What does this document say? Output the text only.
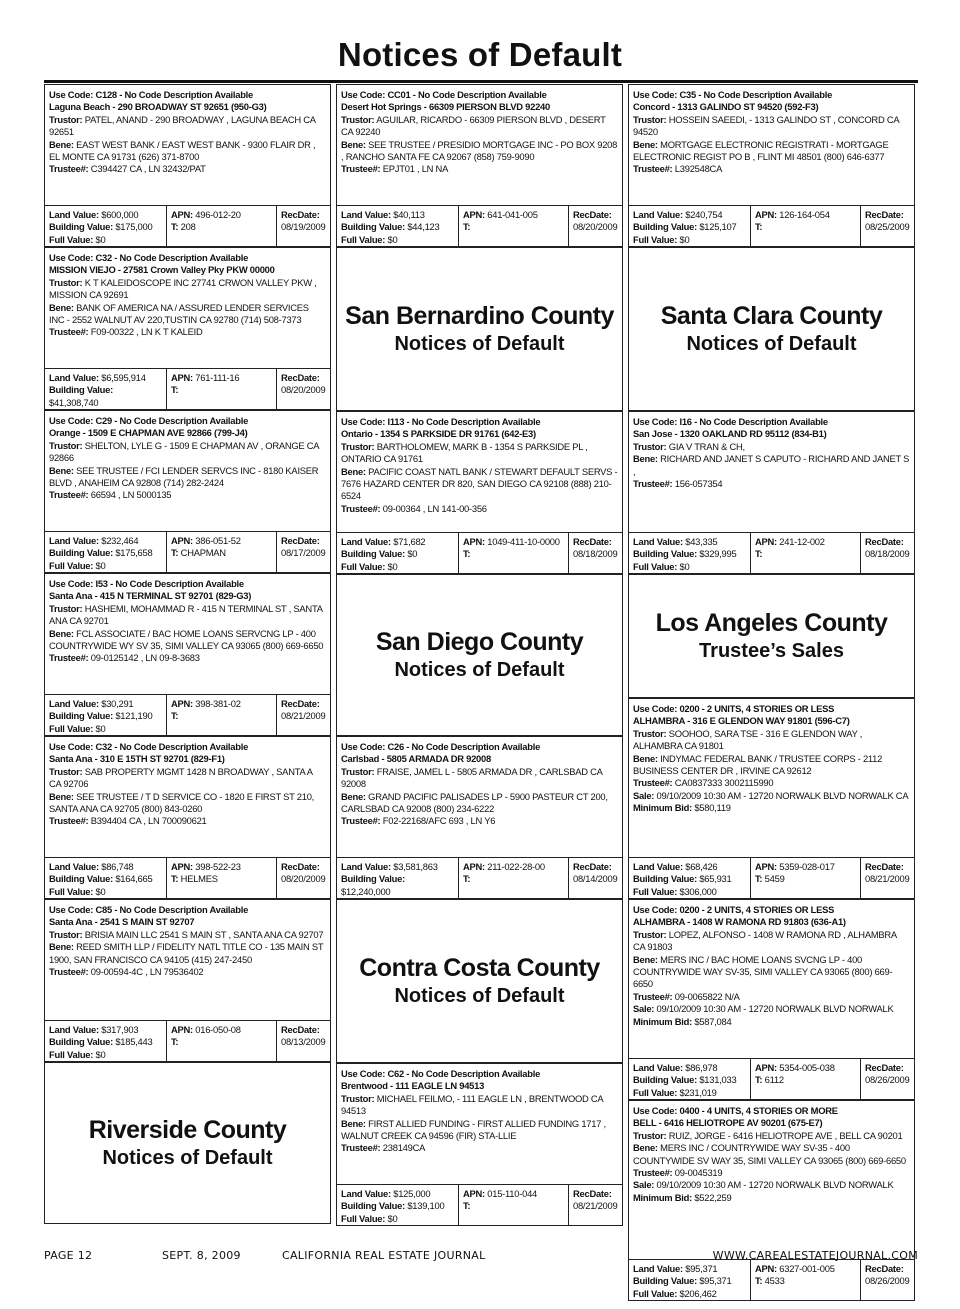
Notices of Default
Use Code: C128 - No Code Description Available
Laguna Beach - 290 BROADWAY ST 92651 (950-G3)
Trustor: PATEL, ANAND - 290 BROADWAY , LAGUNA BEACH CA 92651
Bene: EAST WEST BANK / EAST WEST BANK - 9300 FLAIR DR , EL MONTE CA 91731 (626) 371-8700
Trustee#: C394427 CA , LN 32432/PAT
Land Value: $600,000
Building Value: $175,000
Full Value: $0
APN: 496-012-20
T: 208
RecDate:
08/19/2009
Use Code: C32 - No Code Description Available
MISSION VIEJO - 27581 Crown Valley Pky PKW 00000
Trustor: K T KALEIDOSCOPE INC 27741 CRWON VALLEY PKW , MISSION CA 92691
Bene: BANK OF AMERICA NA / ASSURED LENDER SERVICES INC - 2552 WALNUT AV 220,TUSTIN CA 92780 (714) 508-7373
Trustee#: F09-00322 , LN K T KALEID
Land Value: $6,595,914
Building Value: $41,308,740
APN: 761-111-16
T:
RecDate:
08/20/2009
Use Code: C29 - No Code Description Available
Orange - 1509 E CHAPMAN AVE 92866 (799-J4)
Trustor: SHELTON, LYLE G - 1509 E CHAPMAN AV , ORANGE CA 92866
Bene: SEE TRUSTEE / FCI LENDER SERVCS INC - 8180 KAISER BLVD , ANAHEIM CA 92808 (714) 282-2424
Trustee#: 66594 , LN 5000135
Land Value: $232,464
Building Value: $175,658
Full Value: $0
APN: 386-051-52
T: CHAPMAN
RecDate:
08/17/2009
Use Code: I53 - No Code Description Available
Santa Ana - 415 N TERMINAL ST 92701 (829-G3)
Trustor: HASHEMI, MOHAMMAD R - 415 N TERMINAL ST , SANTA ANA CA 92701
Bene: FCL ASSOCIATE / BAC HOME LOANS SERVCNG LP - 400 COUNTRYWIDE WY SV 35, SIMI VALLEY CA 93065 (800) 669-6650
Trustee#: 09-0125142 , LN 09-8-3683
Land Value: $30,291
Building Value: $121,190
Full Value: $0
APN: 398-381-02
T:
RecDate:
08/21/2009
Use Code: C32 - No Code Description Available
Santa Ana - 310 E 15TH ST 92701 (829-F1)
Trustor: SAB PROPERTY MGMT 1428 N BROADWAY , SANTA A CA 92706
Bene: SEE TRUSTEE / T D SERVICE CO - 1820 E FIRST ST 210, SANTA ANA CA 92705 (800) 843-0260
Trustee#: B394404 CA , LN 700090621
Land Value: $86,748
Building Value: $164,665
Full Value: $0
APN: 398-522-23
T: HELMES
RecDate:
08/20/2009
Use Code: C85 - No Code Description Available
Santa Ana - 2541 S MAIN ST 92707
Trustor: BRISIA MAIN LLC 2541 S MAIN ST , SANTA ANA CA 92707
Bene: REED SMITH LLP / FIDELITY NATL TITLE CO - 135 MAIN ST 1900, SAN FRANCISCO CA 94105 (415) 247-2450
Trustee#: 09-00594-4C , LN 79536402
Land Value: $317,903
Building Value: $185,443
Full Value: $0
APN: 016-050-08
T:
RecDate:
08/13/2009
Riverside County
Notices of Default
Use Code: CC01 - No Code Description Available
Desert Hot Springs - 66309 PIERSON BLVD 92240
Trustor: AGUILAR, RICARDO - 66309 PIERSON BLVD , DESERT CA 92240
Bene: SEE TRUSTEE / PRESIDIO MORTGAGE INC - PO BOX 9208 , RANCHO SANTA FE CA 92067 (858) 759-9090
Trustee#: EPJT01 , LN NA
Land Value: $40,113
Building Value: $44,123
Full Value: $0
APN: 641-041-005
T:
RecDate:
08/20/2009
San Bernardino County
Notices of Default
Use Code: I113 - No Code Description Available
Ontario - 1354 S PARKSIDE DR 91761 (642-E3)
Trustor: BARTHOLOMEW, MARK B - 1354 S PARKSIDE PL , ONTARIO CA 91761
Bene: PACIFIC COAST NATL BANK / STEWART DEFAULT SERVS - 7676 HAZARD CENTER DR 820, SAN DIEGO CA 92108 (888) 210-6524
Trustee#: 09-00364 , LN 141-00-356
Land Value: $71,682
Building Value: $0
Full Value: $0
APN: 1049-411-10-0000
T:
RecDate:
08/18/2009
San Diego County
Notices of Default
Use Code: C26 - No Code Description Available
Carlsbad - 5805 ARMADA DR 92008
Trustor: FRAISE, JAMEL L - 5805 ARMADA DR , CARLSBAD CA 92008
Bene: GRAND PACIFIC PALISADES LP - 5900 PASTEUR CT 200, CARLSBAD CA 92008 (800) 234-6222
Trustee#: F02-22168/AFC 693 , LN Y6
Land Value: $3,581,863
Building Value: $12,240,000
APN: 211-022-28-00
T:
RecDate:
08/14/2009
Contra Costa County
Notices of Default
Use Code: C62 - No Code Description Available
Brentwood - 111 EAGLE LN 94513
Trustor: MICHAEL FEILMO, - 111 EAGLE LN , BRENTWOOD CA 94513
Bene: FIRST ALLIED FUNDING - FIRST ALLIED FUNDING 1717 , WALNUT CREEK CA 94596 (FIR) STA-LLIE
Trustee#: 238149CA
Land Value: $125,000
Building Value: $139,100
Full Value: $0
APN: 015-110-044
T:
RecDate:
08/21/2009
Use Code: C35 - No Code Description Available
Concord - 1313 GALINDO ST 94520 (592-F3)
Trustor: HOSSEIN SAEEDI, - 1313 GALINDO ST , CONCORD CA 94520
Bene: MORTGAGE ELECTRONIC REGISTRATI - MORTGAGE ELECTRONIC REGIST PO B , FLINT MI 48501 (800) 646-6377
Trustee#: L392548CA
Land Value: $240,754
Building Value: $125,107
Full Value: $0
APN: 126-164-054
T:
RecDate:
08/25/2009
Santa Clara County
Notices of Default
Use Code: I16 - No Code Description Available
San Jose - 1320 OAKLAND RD 95112 (834-B1)
Trustor: GIA V TRAN & CH,
Bene: RICHARD AND JANET S CAPUTO - RICHARD AND JANET S ,
Trustee#: 156-057354
Land Value: $43,335
Building Value: $329,995
Full Value: $0
APN: 241-12-002
T:
RecDate:
08/18/2009
Los Angeles County
Trustee’s Sales
Use Code: 0200 - 2 UNITS, 4 STORIES OR LESS
ALHAMBRA - 316 E GLENDON WAY 91801 (596-C7)
Trustor: SOOHOO, SARA TSE - 316 E GLENDON WAY , ALHAMBRA CA 91801
Bene: INDYMAC FEDERAL BANK / TRUSTEE CORPS - 2112 BUSINESS CENTER DR , IRVINE CA 92612
Trustee#: CA0837333 3002115990
Sale: 09/10/2009 10:30 AM - 12720 NORWALK BLVD NORWALK CA
Minimum Bid: $580,119
Land Value: $68,426
Building Value: $65,931
Full Value: $306,000
APN: 5359-028-017
T: 5459
RecDate:
08/21/2009
Use Code: 0200 - 2 UNITS, 4 STORIES OR LESS
ALHAMBRA - 1408 W RAMONA RD 91803 (636-A1)
Trustor: LOPEZ, ALFONSO - 1408 W RAMONA RD , ALHAMBRA CA 91803
Bene: MERS INC / BAC HOME LOANS SVCNG LP - 400 COUNTRYWIDE WAY SV-35, SIMI VALLEY CA 93065 (800) 669-6650
Trustee#: 09-0065822 N/A
Sale: 09/10/2009 10:30 AM - 12720 NORWALK BLVD NORWALK
Minimum Bid: $587,084
Land Value: $86,978
Building Value: $131,033
Full Value: $231,019
APN: 5354-005-038
T: 6112
RecDate:
08/26/2009
Use Code: 0400 - 4 UNITS, 4 STORIES OR MORE
BELL - 6416 HELIOTROPE AV 90201 (675-E7)
Trustor: RUIZ, JORGE - 6416 HELIOTROPE AVE , BELL CA 90201
Bene: MERS INC / COUNTRYWIDE WAY SV-35 - 400 COUNTYWIDE SV WAY 35, SIMI VALLEY CA 93065 (800) 669-6650
Trustee#: 09-0045319
Sale: 09/10/2009 10:30 AM - 12720 NORWALK BLVD NORWALK
Minimum Bid: $522,259
Land Value: $95,371
Building Value: $95,371
Full Value: $206,462
APN: 6327-001-005
T: 4533
RecDate:
08/26/2009
PAGE 12	SEPT. 8, 2009	CALIFORNIA REAL ESTATE JOURNAL	WWW.CAREALESTATEJOURNAL.COM
